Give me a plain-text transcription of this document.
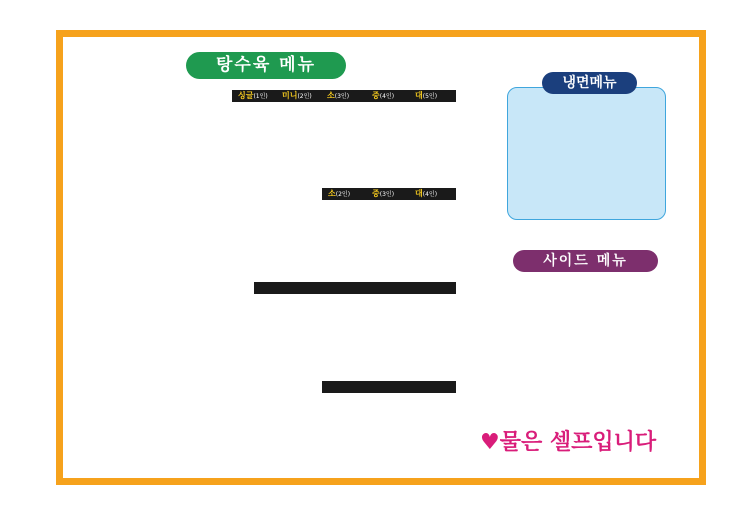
탕수육 메뉴
싱글(1인) 미니(2인) 소(3인)	중(4인)	대(5인)
소(2인)	중(3인)	대(4인)
냉면메뉴
사이드 메뉴
♥물은 셀프입니다
